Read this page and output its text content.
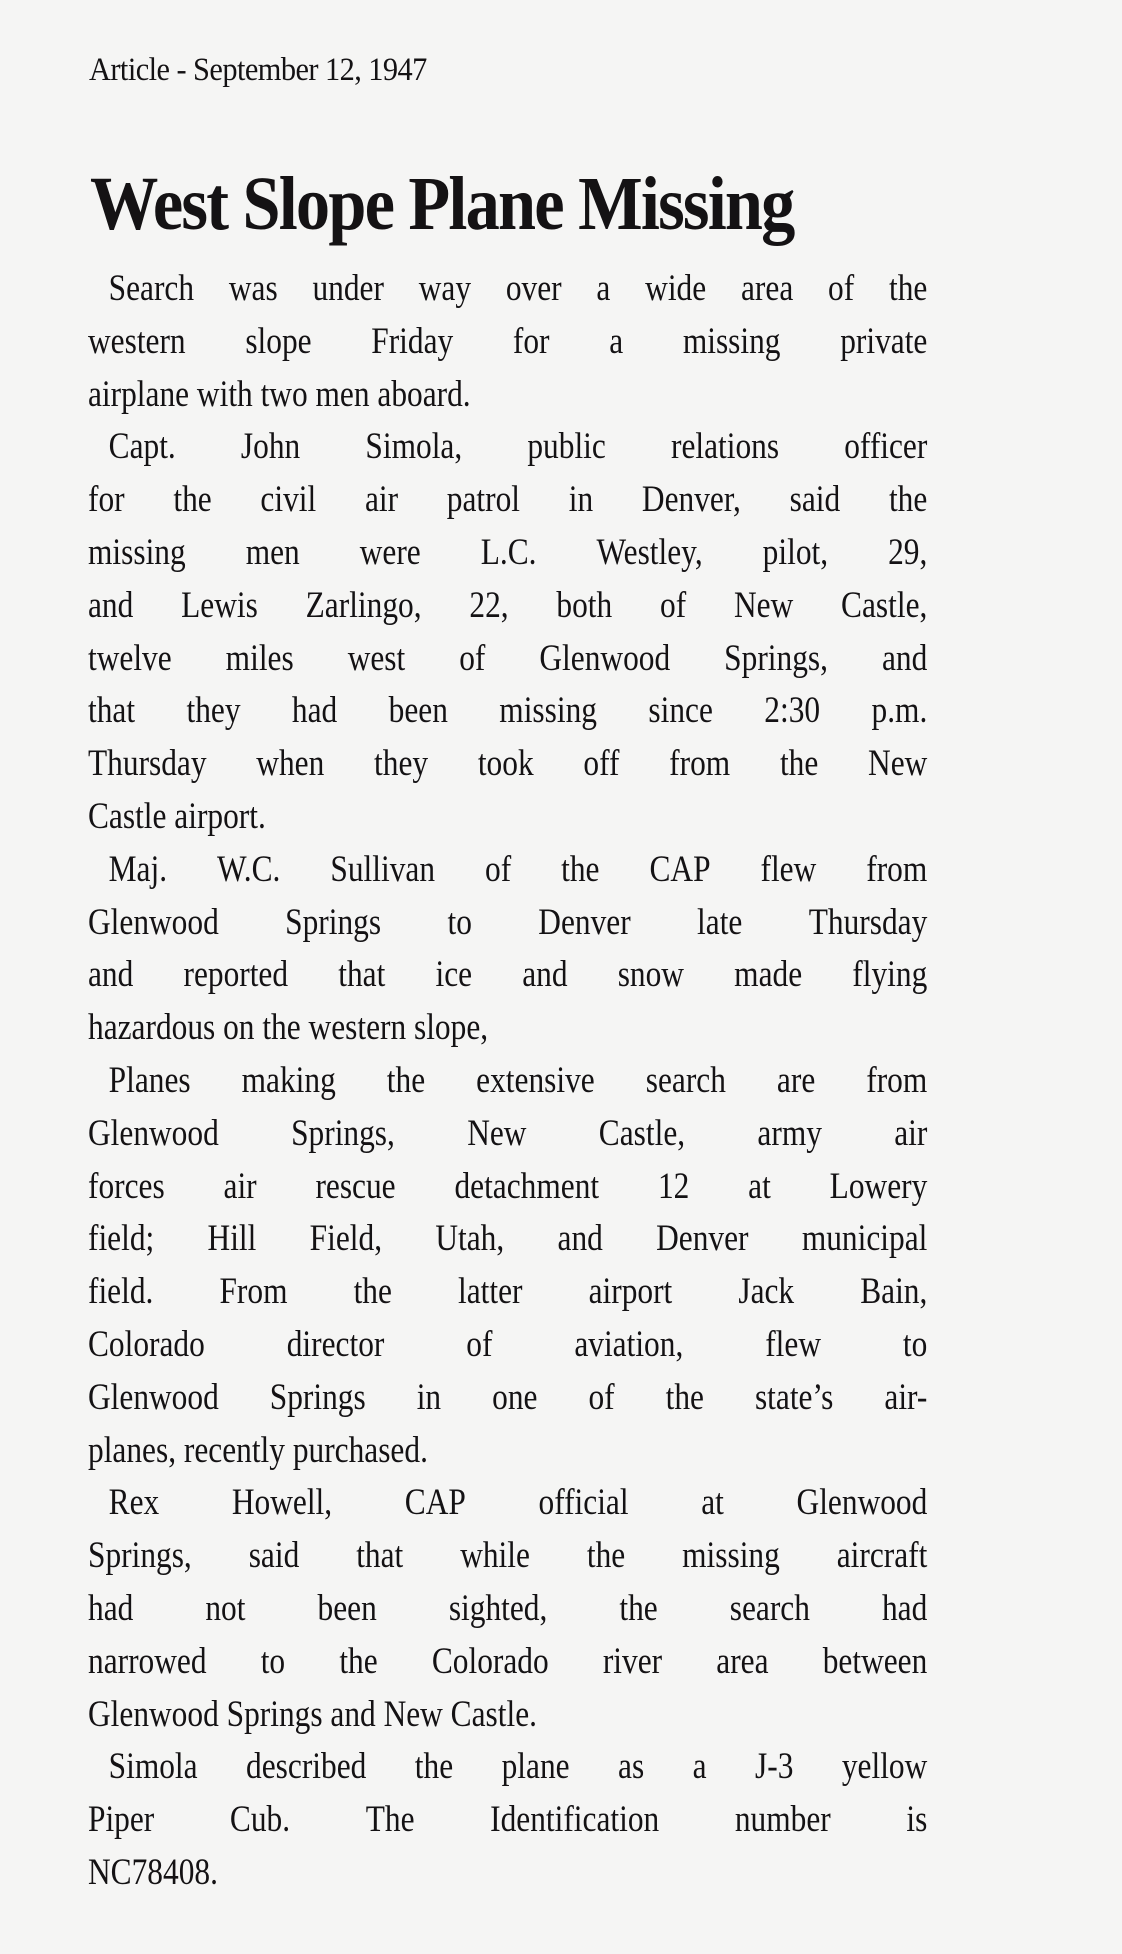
Article - September 12, 1947
West Slope Plane Missing
Search was under way over a wide area of the
western slope Friday for a missing private
airplane with two men aboard.
Capt. John Simola, public relations officer
for the civil air patrol in Denver, said the
missing men were L.C. Westley, pilot, 29,
and Lewis Zarlingo, 22, both of New Castle,
twelve miles west of Glenwood Springs, and
that they had been missing since 2:30 p.m.
Thursday when they took off from the New
Castle airport.
Maj. W.C. Sullivan of the CAP flew from
Glenwood Springs to Denver late Thursday
and reported that ice and snow made flying
hazardous on the western slope,
Planes making the extensive search are from
Glenwood Springs, New Castle, army air
forces air rescue detachment 12 at Lowery
field; Hill Field, Utah, and Denver municipal
field. From the latter airport Jack Bain,
Colorado director of aviation, flew to
Glenwood Springs in one of the state’s air-
planes, recently purchased.
Rex Howell, CAP official at Glenwood
Springs, said that while the missing aircraft
had not been sighted, the search had
narrowed to the Colorado river area between
Glenwood Springs and New Castle.
Simola described the plane as a J-3 yellow
Piper Cub. The Identification number is
NC78408.
